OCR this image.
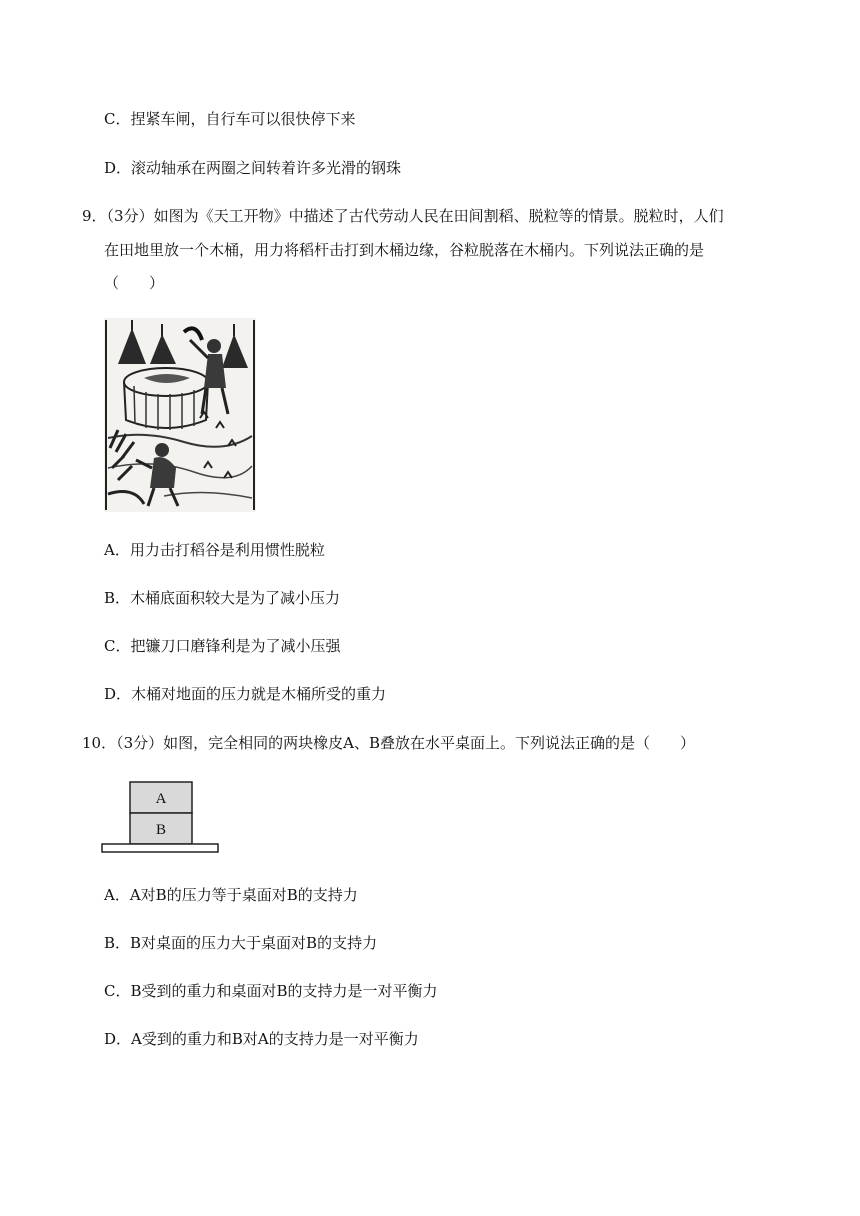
C．捏紧车闸，自行车可以很快停下来
D．滚动轴承在两圈之间转着许多光滑的钢珠
9．（3分）如图为《天工开物》中描述了古代劳动人民在田间割稻、脱粒等的情景。脱粒时，人们
在田地里放一个木桶，用力将稻杆击打到木桶边缘，谷粒脱落在木桶内。下列说法正确的是
（　　）
A．用力击打稻谷是利用惯性脱粒
B．木桶底面积较大是为了减小压力
C．把镰刀口磨锋利是为了减小压强
D．木桶对地面的压力就是木桶所受的重力
10．（3分）如图，完全相同的两块橡皮A、B叠放在水平桌面上。下列说法正确的是（　　）
A
B
A．A对B的压力等于桌面对B的支持力
B．B对桌面的压力大于桌面对B的支持力
C．B受到的重力和桌面对B的支持力是一对平衡力
D．A受到的重力和B对A的支持力是一对平衡力
